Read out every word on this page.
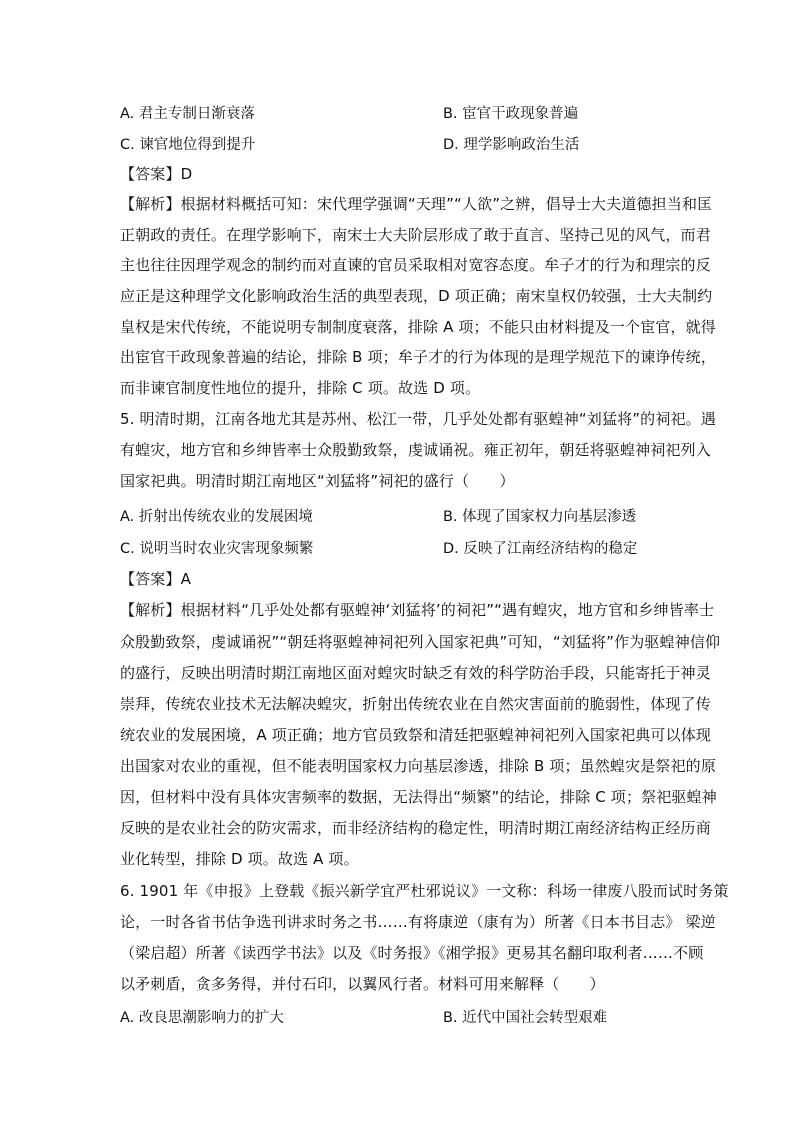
A. 君主专制日渐衰落	B. 宦官干政现象普遍
C. 谏官地位得到提升	D. 理学影响政治生活
【答案】D
【解析】根据材料概括可知：宋代理学强调“天理”“人欲”之辨，倡导士大夫道德担当和匡
正朝政的责任。在理学影响下，南宋士大夫阶层形成了敢于直言、坚持己见的风气，而君
主也往往因理学观念的制约而对直谏的官员采取相对宽容态度。牟子才的行为和理宗的反
应正是这种理学文化影响政治生活的典型表现，D 项正确；南宋皇权仍较强，士大夫制约
皇权是宋代传统，不能说明专制制度衰落，排除 A 项；不能只由材料提及一个宦官，就得
出宦官干政现象普遍的结论，排除 B 项；牟子才的行为体现的是理学规范下的谏诤传统，
而非谏官制度性地位的提升，排除 C 项。故选 D 项。
5. 明清时期，江南各地尤其是苏州、松江一带，几乎处处都有驱蝗神“刘猛将”的祠祀。遇
有蝗灾，地方官和乡绅皆率士众殷勤致祭，虔诚诵祝。雍正初年，朝廷将驱蝗神祠祀列入
国家祀典。明清时期江南地区“刘猛将”祠祀的盛行（　　）
A. 折射出传统农业的发展困境	B. 体现了国家权力向基层渗透
C. 说明当时农业灾害现象频繁	D. 反映了江南经济结构的稳定
【答案】A
【解析】根据材料“几乎处处都有驱蝗神‘刘猛将’的祠祀”“遇有蝗灾，地方官和乡绅皆率士
众殷勤致祭，虔诚诵祝”“朝廷将驱蝗神祠祀列入国家祀典”可知，“刘猛将”作为驱蝗神信仰
的盛行，反映出明清时期江南地区面对蝗灾时缺乏有效的科学防治手段，只能寄托于神灵
崇拜，传统农业技术无法解决蝗灾，折射出传统农业在自然灾害面前的脆弱性，体现了传
统农业的发展困境，A 项正确；地方官员致祭和清廷把驱蝗神祠祀列入国家祀典可以体现
出国家对农业的重视，但不能表明国家权力向基层渗透，排除 B 项；虽然蝗灾是祭祀的原
因，但材料中没有具体灾害频率的数据，无法得出“频繁”的结论，排除 C 项；祭祀驱蝗神
反映的是农业社会的防灾需求，而非经济结构的稳定性，明清时期江南经济结构正经历商
业化转型，排除 D 项。故选 A 项。
6. 1901 年《申报》上登载《振兴新学宜严杜邪说议》一文称：科场一律废八股而试时务策
论，一时各省书估争选刊讲求时务之书……有将康逆（康有为）所著《日本书目志》 梁逆
（梁启超）所著《读西学书法》以及《时务报》《湘学报》更易其名翻印取利者……不顾
以矛刺盾，贪多务得，并付石印，以翼风行者。材料可用来解释（　　）
A. 改良思潮影响力的扩大	B. 近代中国社会转型艰难
